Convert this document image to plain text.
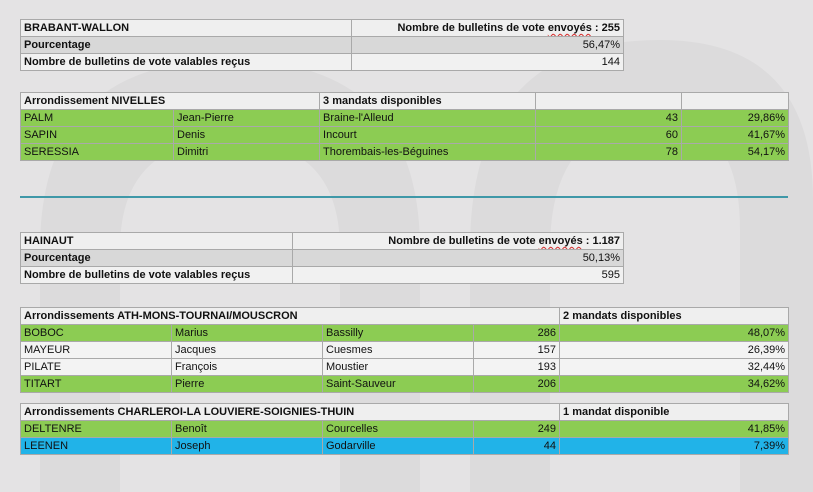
BRABANT-WALLON	Nombre de bulletins de vote envoyés : 255
Pourcentage	56,47%
Nombre de bulletins de vote valables reçus	144
Arrondissement NIVELLES		3 mandats disponibles		
PALM	Jean-Pierre	Braine-l'Alleud	43	29,86%
SAPIN	Denis	Incourt	60	41,67%
SERESSIA	Dimitri	Thorembais-les-Béguines	78	54,17%
HAINAUT	Nombre de bulletins de vote envoyés : 1.187
Pourcentage	50,13%
Nombre de bulletins de vote valables reçus	595
Arrondissements ATH-MONS-TOURNAI/MOUSCRON				2 mandats disponibles
BOBOC	Marius	Bassilly	286	48,07%
MAYEUR	Jacques	Cuesmes	157	26,39%
PILATE	François	Moustier	193	32,44%
TITART	Pierre	Saint-Sauveur	206	34,62%
Arrondissements CHARLEROI-LA LOUVIERE-SOIGNIES-THUIN				1 mandat disponible
DELTENRE	Benoît	Courcelles	249	41,85%
LEENEN	Joseph	Godarville	44	7,39%
